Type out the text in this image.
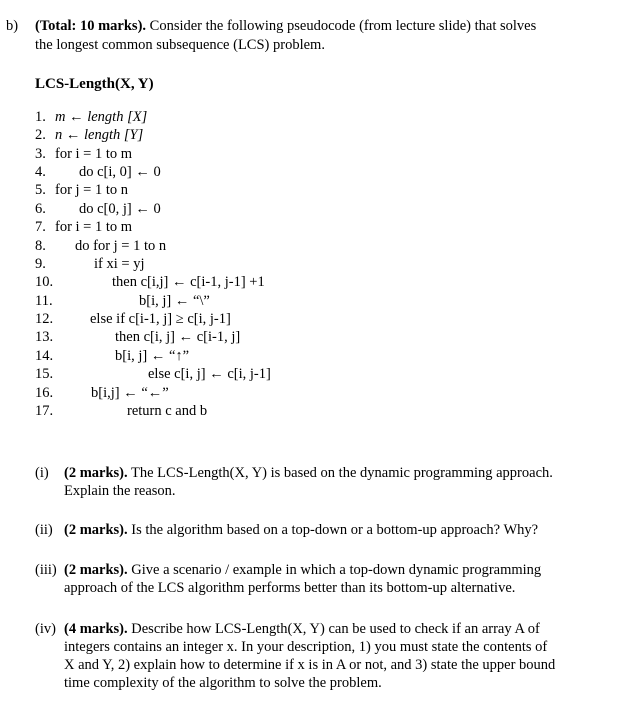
b) (Total: 10 marks). Consider the following pseudocode (from lecture slide) that solves
the longest common subsequence (LCS) problem.
LCS-Length(X, Y)
1. m ← length [X]
2. n ← length [Y]
3. for i = 1 to m
4. do c[i, 0] ← 0
5. for j = 1 to n
6. do c[0, j] ← 0
7. for i = 1 to m
8. do for j = 1 to n
9.	if xi = yj
10.	then c[i,j] ← c[i-1, j-1] +1
11.	b[i, j] ← “\”
12.	else if c[i-1, j] ≥ c[i, j-1]
13.	then c[i, j] ← c[i-1, j]
14.	b[i, j] ← “↑”
15.	else c[i, j] ← c[i, j-1]
16.	b[i,j] ← “←”
17.	return c and b
(i) (2 marks). The LCS-Length(X, Y) is based on the dynamic programming approach.
Explain the reason.
(ii) (2 marks). Is the algorithm based on a top-down or a bottom-up approach? Why?
(iii) (2 marks). Give a scenario / example in which a top-down dynamic programming
approach of the LCS algorithm performs better than its bottom-up alternative.
(iv) (4 marks). Describe how LCS-Length(X, Y) can be used to check if an array A of
integers contains an integer x. In your description, 1) you must state the contents of
X and Y, 2) explain how to determine if x is in A or not, and 3) state the upper bound
time complexity of the algorithm to solve the problem.
